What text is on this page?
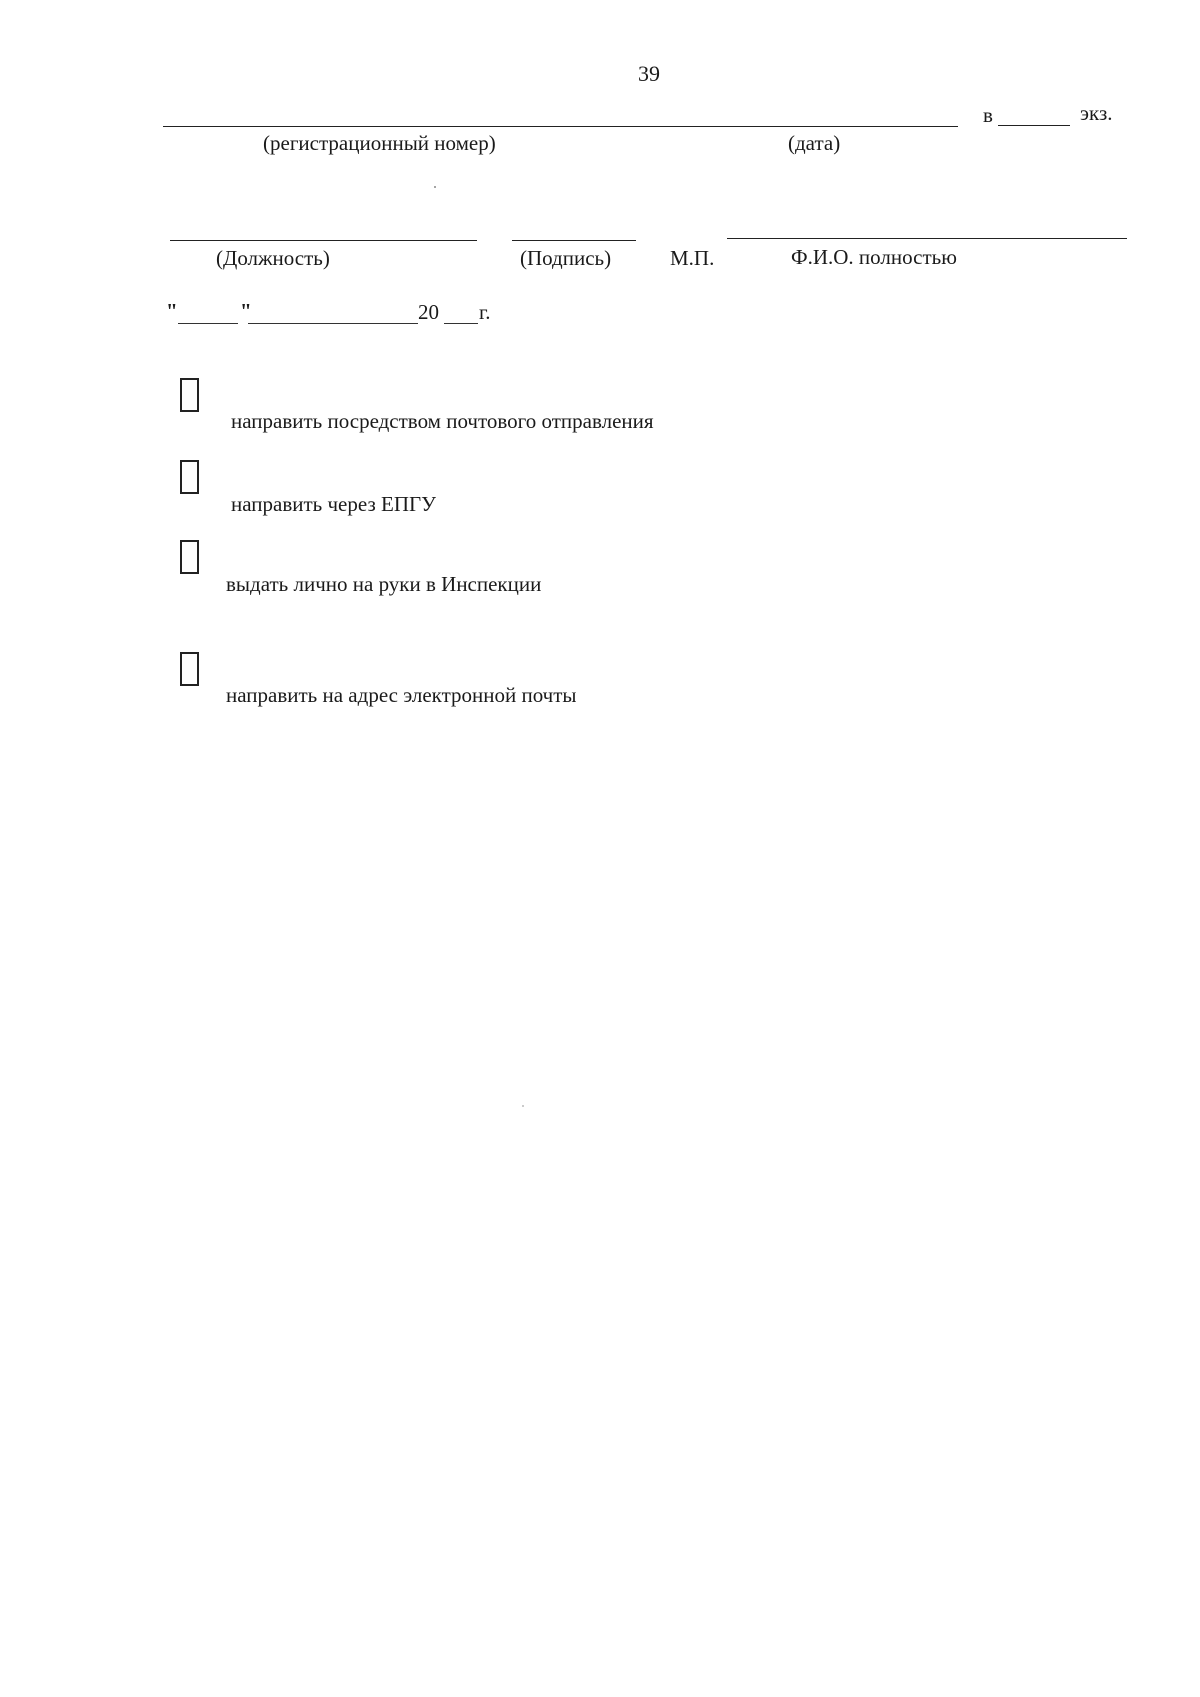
39
в	экз.
(регистрационный номер)	(дата)
(Должность)	(Подпись)	М.П.	Ф.И.О. полностью
"	"	20 г.
направить посредством почтового отправления
направить через ЕПГУ
выдать лично на руки в Инспекции
направить на адрес электронной почты
